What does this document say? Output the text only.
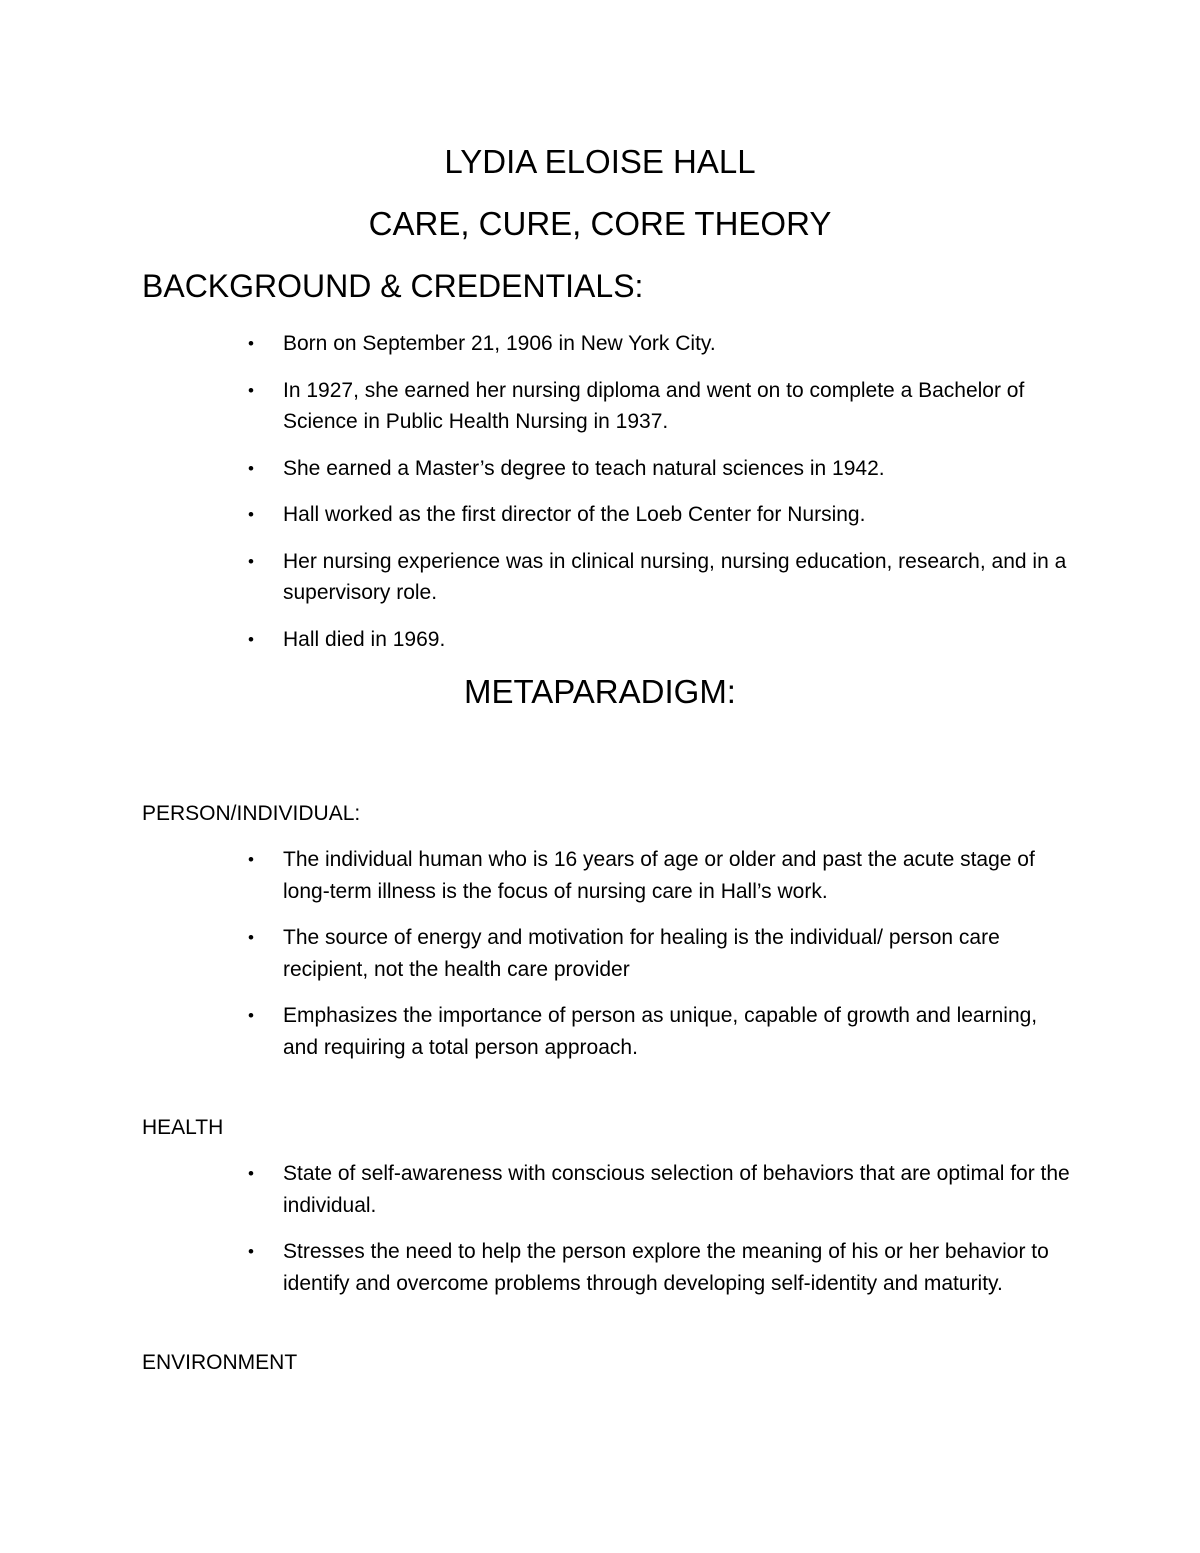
LYDIA ELOISE HALL
CARE, CURE, CORE THEORY
BACKGROUND & CREDENTIALS:
• Born on September 21, 1906 in New York City.
• In 1927, she earned her nursing diploma and went on to complete a Bachelor of Science in Public Health Nursing in 1937.
• She earned a Master’s degree to teach natural sciences in 1942.
• Hall worked as the first director of the Loeb Center for Nursing.
• Her nursing experience was in clinical nursing, nursing education, research, and in a supervisory role.
• Hall died in 1969.
METAPARADIGM:

PERSON/INDIVIDUAL:

• The individual human who is 16 years of age or older and past the acute stage of long-term illness is the focus of nursing care in Hall’s work.
• The source of energy and motivation for healing is the individual/ person care recipient, not the health care provider
• Emphasizes the importance of person as unique, capable of growth and learning, and requiring a total person approach.

HEALTH

• State of self-awareness with conscious selection of behaviors that are optimal for the individual.
• Stresses the need to help the person explore the meaning of his or her behavior to identify and overcome problems through developing self-identity and maturity.

ENVIRONMENT
